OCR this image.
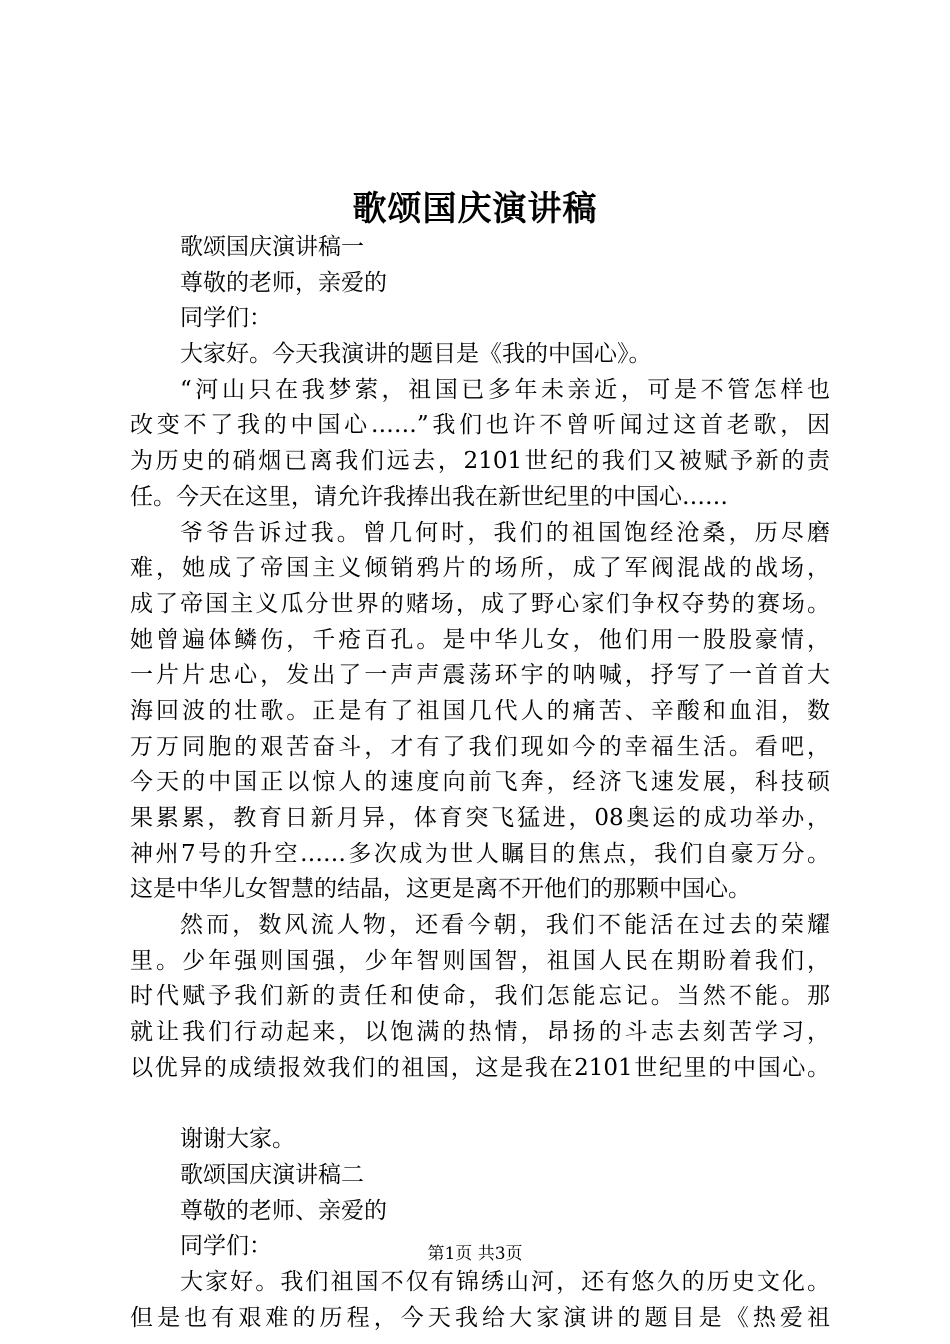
歌颂国庆演讲稿
歌颂国庆演讲稿一
尊敬的老师，亲爱的
同学们：
大家好。今天我演讲的题目是《我的中国心》。
“河山只在我梦萦，祖国已多年未亲近，可是不管怎样也
改变不了我的中国心……”我们也许不曾听闻过这首老歌，因
为历史的硝烟已离我们远去，2101世纪的我们又被赋予新的责
任。今天在这里，请允许我捧出我在新世纪里的中国心……
爷爷告诉过我。曾几何时，我们的祖国饱经沧桑，历尽磨
难，她成了帝国主义倾销鸦片的场所，成了军阀混战的战场，
成了帝国主义瓜分世界的赌场，成了野心家们争权夺势的赛场。
她曾遍体鳞伤，千疮百孔。是中华儿女，他们用一股股豪情，
一片片忠心，发出了一声声震荡环宇的呐喊，抒写了一首首大
海回波的壮歌。正是有了祖国几代人的痛苦、辛酸和血泪，数
万万同胞的艰苦奋斗，才有了我们现如今的幸福生活。看吧，
今天的中国正以惊人的速度向前飞奔，经济飞速发展，科技硕
果累累，教育日新月异，体育突飞猛进，08奥运的成功举办，
神州7号的升空……多次成为世人瞩目的焦点，我们自豪万分。
这是中华儿女智慧的结晶，这更是离不开他们的那颗中国心。
然而，数风流人物，还看今朝，我们不能活在过去的荣耀
里。少年强则国强，少年智则国智，祖国人民在期盼着我们，
时代赋予我们新的责任和使命，我们怎能忘记。当然不能。那
就让我们行动起来，以饱满的热情，昂扬的斗志去刻苦学习，
以优异的成绩报效我们的祖国，这是我在2101世纪里的中国心。
谢谢大家。
歌颂国庆演讲稿二
尊敬的老师、亲爱的
同学们：
大家好。我们祖国不仅有锦绣山河，还有悠久的历史文化。
但是也有艰难的历程，今天我给大家演讲的题目是《热爱祖
第1页 共3页
